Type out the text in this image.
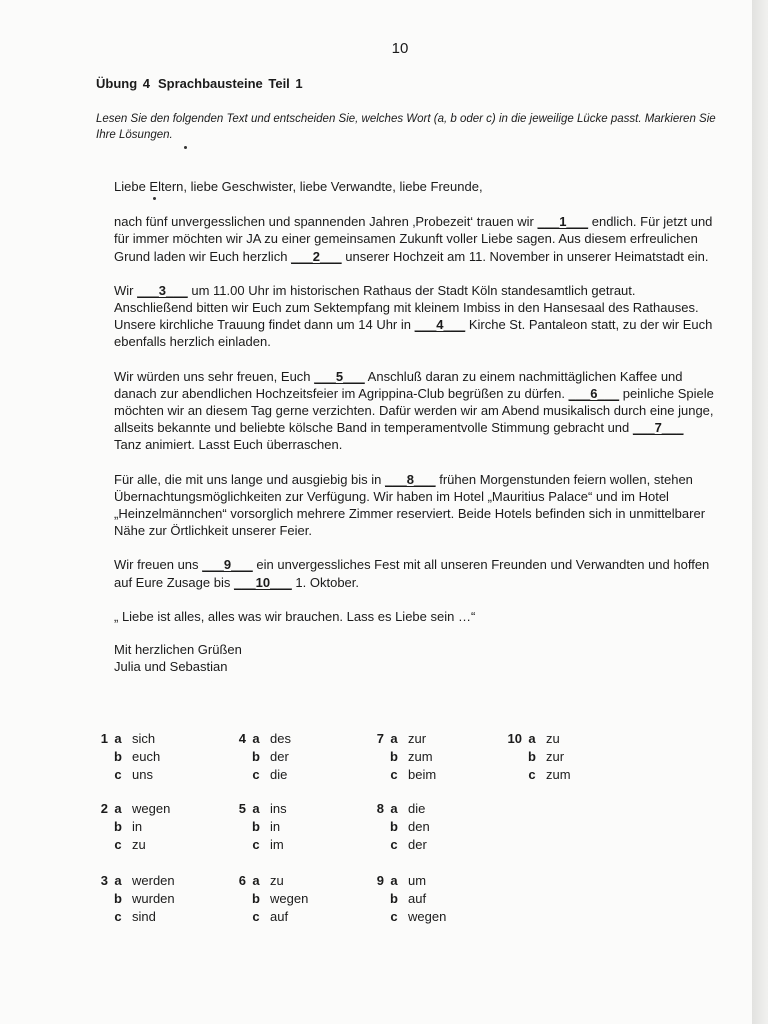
10
Übung 4 Sprachbausteine Teil 1
Lesen Sie den folgenden Text und entscheiden Sie, welches Wort (a, b oder c) in die jeweilige Lücke passt. Markieren Sie Ihre Lösungen.

Liebe Eltern, liebe Geschwister, liebe Verwandte, liebe Freunde,

nach fünf unvergesslichen und spannenden Jahren ‚Probezeit‘ trauen wir ___1___ endlich. Für jetzt und für immer möchten wir JA zu einer gemeinsamen Zukunft voller Liebe sagen. Aus diesem erfreulichen Grund laden wir Euch herzlich ___2___ unserer Hochzeit am 11. November in unserer Heimatstadt ein.

Wir ___3___ um 11.00 Uhr im historischen Rathaus der Stadt Köln standesamtlich getraut. Anschließend bitten wir Euch zum Sektempfang mit kleinem Imbiss in den Hansesaal des Rathauses. Unsere kirchliche Trauung findet dann um 14 Uhr in ___4___ Kirche St. Pantaleon statt, zu der wir Euch ebenfalls herzlich einladen.

Wir würden uns sehr freuen, Euch ___5___ Anschluß daran zu einem nachmittäglichen Kaffee und danach zur abendlichen Hochzeitsfeier im Agrippina-Club begrüßen zu dürfen. ___6___ peinliche Spiele möchten wir an diesem Tag gerne verzichten. Dafür werden wir am Abend musikalisch durch eine junge, allseits bekannte und beliebte kölsche Band in temperamentvolle Stimmung gebracht und ___7___ Tanz animiert. Lasst Euch überraschen.

Für alle, die mit uns lange und ausgiebig bis in ___8___ frühen Morgenstunden feiern wollen, stehen Übernachtungsmöglichkeiten zur Verfügung. Wir haben im Hotel „Mauritius Palace“ und im Hotel „Heinzelmännchen“ vorsorglich mehrere Zimmer reserviert. Beide Hotels befinden sich in unmittelbarer Nähe zur Örtlichkeit unserer Feier.

Wir freuen uns ___9___ ein unvergessliches Fest mit all unseren Freunden und Verwandten und hoffen auf Eure Zusage bis ___10___ 1. Oktober.

„ Liebe ist alles, alles was wir brauchen. Lass es Liebe sein …“

Mit herzlichen Grüßen

Julia und Sebastian

1 a sich
b euch
c uns
2 a wegen
b in
c zu
3 a werden
b wurden
c sind
4 a des
b der
c die
5 a ins
b in
c im
6 a zu
b wegen
c auf
7 a zur
b zum
c beim
8 a die
b den
c der
9 a um
b auf
c wegen
10 a zu
b zur
c zum
